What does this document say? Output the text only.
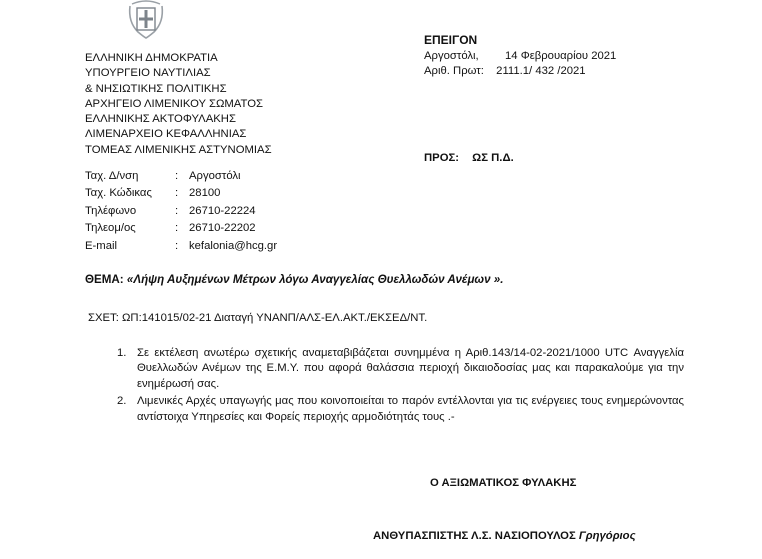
ΕΛΛΗΝΙΚΗ ΔΗΜΟΚΡΑΤΙΑ
ΥΠΟΥΡΓΕΙΟ ΝΑΥΤΙΛΙΑΣ
& ΝΗΣΙΩΤΙΚΗΣ ΠΟΛΙΤΙΚΗΣ
ΑΡΧΗΓΕΙΟ ΛΙΜΕΝΙΚΟΥ ΣΩΜΑΤΟΣ
ΕΛΛΗΝΙΚΗΣ ΑΚΤΟΦΥΛΑΚΗΣ
ΛΙΜΕΝΑΡΧΕΙΟ ΚΕΦΑΛΛΗΝΙΑΣ
ΤΟΜΕΑΣ ΛΙΜΕΝΙΚΗΣ ΑΣΤΥΝΟΜΙΑΣ
Ταχ. Δ/νση	: Αργοστόλι
Ταχ. Κώδικας	: 28100
Τηλέφωνο	: 26710-22224
Τηλεομ/ος	: 26710-22202
E-mail	: kefalonia@hcg.gr
ΕΠΕΙΓΟΝ
Αργοστόλι, 14 Φεβρουαρίου 2021
Αριθ. Πρωτ: 2111.1/ 432 /2021
ΠΡΟΣ: ΩΣ Π.Δ.
ΘΕΜΑ: «Λήψη Αυξημένων Μέτρων λόγω Αναγγελίας Θυελλωδών Ανέμων ».
ΣΧΕΤ: ΩΠ:141015/02-21 Διαταγή ΥΝΑΝΠ/ΑΛΣ-ΕΛ.ΑΚΤ./ΕΚΣΕΔ/ΝΤ.
1. Σε εκτέλεση ανωτέρω σχετικής αναμεταβιβάζεται συνημμένα η Αριθ.143/14-02-2021/1000 UTC Αναγγελία Θυελλωδών Ανέμων της Ε.Μ.Υ. που αφορά θαλάσσια περιοχή δικαιοδοσίας μας και παρακαλούμε για την ενημέρωσή σας.
2. Λιμενικές Αρχές υπαγωγής μας που κοινοποιείται το παρόν εντέλλονται για τις ενέργειες τους ενημερώνοντας αντίστοιχα Υπηρεσίες και Φορείς περιοχής αρμοδιότητάς τους .-
Ο ΑΞΙΩΜΑΤΙΚΟΣ ΦΥΛΑΚΗΣ
ΑΝΘΥΠΑΣΠΙΣΤΗΣ Λ.Σ. ΝΑΣΙΟΠΟΥΛΟΣ Γρηγόριος
